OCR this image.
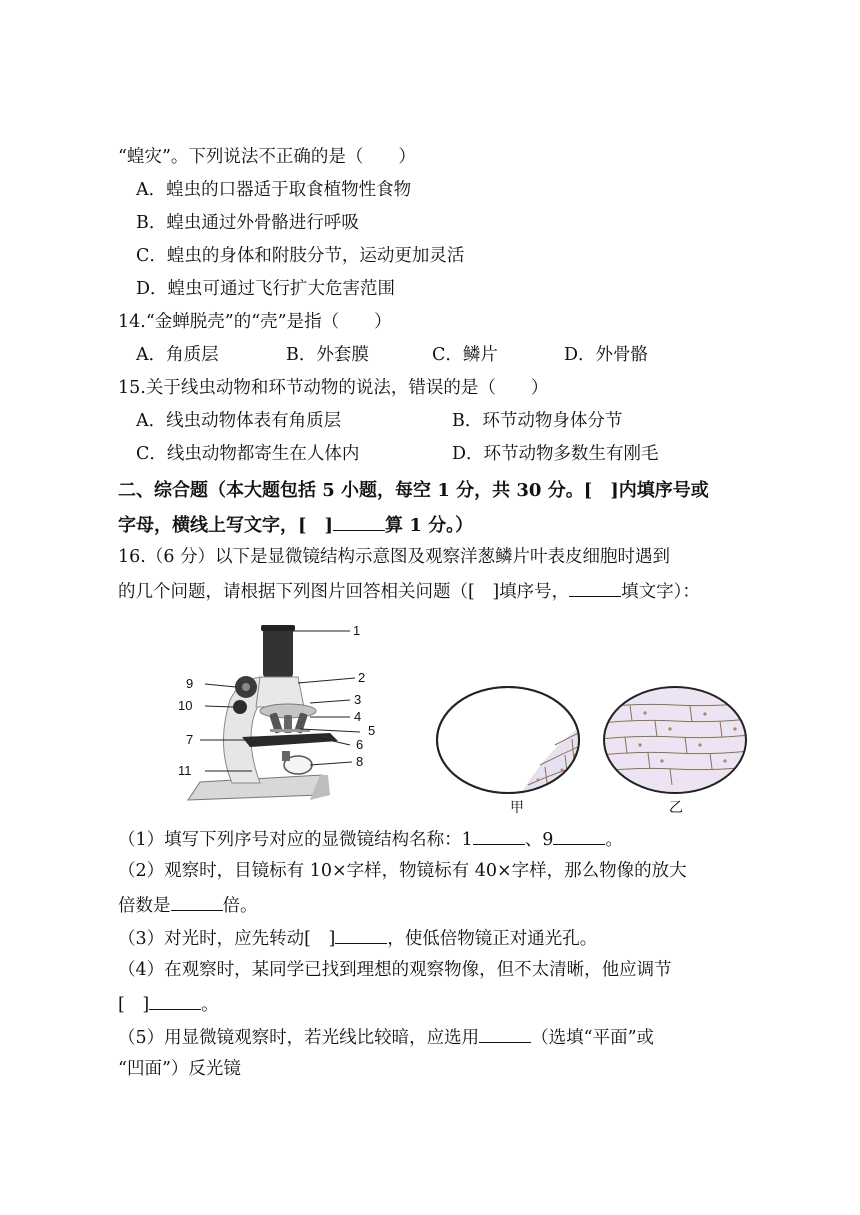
“蝗灾”。下列说法不正确的是（　　）
A．蝗虫的口器适于取食植物性食物
B．蝗虫通过外骨骼进行呼吸
C．蝗虫的身体和附肢分节，运动更加灵活
D．蝗虫可通过飞行扩大危害范围
14.“金蝉脱壳”的“壳”是指（　　）
A．角质层	B．外套膜	C．鳞片	D．外骨骼
15.关于线虫动物和环节动物的说法，错误的是（　　）
A．线虫动物体表有角质层	B．环节动物身体分节
C．线虫动物都寄生在人体内	D．环节动物多数生有刚毛
二、综合题（本大题包括 5 小题，每空 1 分，共 30 分。[　]内填序号或
字母，横线上写文字，[　]	算 1 分。）
16.（6 分）以下是显微镜结构示意图及观察洋葱鳞片叶表皮细胞时遇到
的几个问题，请根据下列图片回答相关问题（[　]填序号，	填文字）：
1
2
3
4
5
6
7
8
9
10
11
甲	乙
（1）填写下列序号对应的显微镜结构名称：1	、9	。
（2）观察时，目镜标有 10×字样，物镜标有 40×字样，那么物像的放大
倍数是	倍。
（3）对光时，应先转动[　]	，使低倍物镜正对通光孔。
（4）在观察时，某同学已找到理想的观察物像，但不太清晰，他应调节
[　]	。
（5）用显微镜观察时，若光线比较暗，应选用	（选填“平面”或
“凹面”）反光镜
